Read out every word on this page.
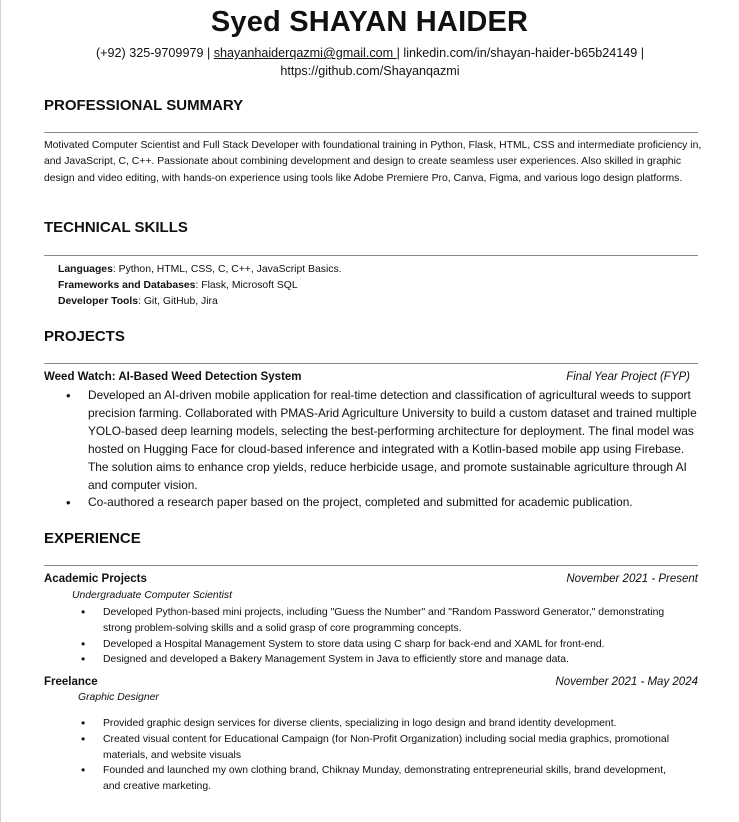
Syed SHAYAN HAIDER
(+92) 325-9709979 | shayanhaiderqazmi@gmail.com | linkedin.com/in/shayan-haider-b65b24149 |
https://github.com/Shayanqazmi
PROFESSIONAL SUMMARY
Motivated Computer Scientist and Full Stack Developer with foundational training in Python, Flask, HTML, CSS and intermediate proficiency in, and JavaScript, C, C++. Passionate about combining development and design to create seamless user experiences. Also skilled in graphic design and video editing, with hands-on experience using tools like Adobe Premiere Pro, Canva, Figma, and various logo design platforms.
TECHNICAL SKILLS
Languages: Python, HTML, CSS, C, C++, JavaScript Basics.
Frameworks and Databases: Flask, Microsoft SQL
Developer Tools: Git, GitHub, Jira
PROJECTS
Weed Watch: AI-Based Weed Detection System	Final Year Project (FYP)
• Developed an AI-driven mobile application for real-time detection and classification of agricultural weeds to support precision farming. Collaborated with PMAS-Arid Agriculture University to build a custom dataset and trained multiple YOLO-based deep learning models, selecting the best-performing architecture for deployment. The final model was hosted on Hugging Face for cloud-based inference and integrated with a Kotlin-based mobile app using Firebase. The solution aims to enhance crop yields, reduce herbicide usage, and promote sustainable agriculture through AI and computer vision.
• Co-authored a research paper based on the project, completed and submitted for academic publication.
EXPERIENCE
Academic Projects	November 2021 - Present
Undergraduate Computer Scientist
• Developed Python-based mini projects, including "Guess the Number" and "Random Password Generator," demonstrating strong problem-solving skills and a solid grasp of core programming concepts.
• Developed a Hospital Management System to store data using C sharp for back-end and XAML for front-end.
• Designed and developed a Bakery Management System in Java to efficiently store and manage data.
Freelance	November 2021 - May 2024
Graphic Designer
• Provided graphic design services for diverse clients, specializing in logo design and brand identity development.
• Created visual content for Educational Campaign (for Non-Profit Organization) including social media graphics, promotional materials, and website visuals
• Founded and launched my own clothing brand, Chiknay Munday, demonstrating entrepreneurial skills, brand development, and creative marketing.
